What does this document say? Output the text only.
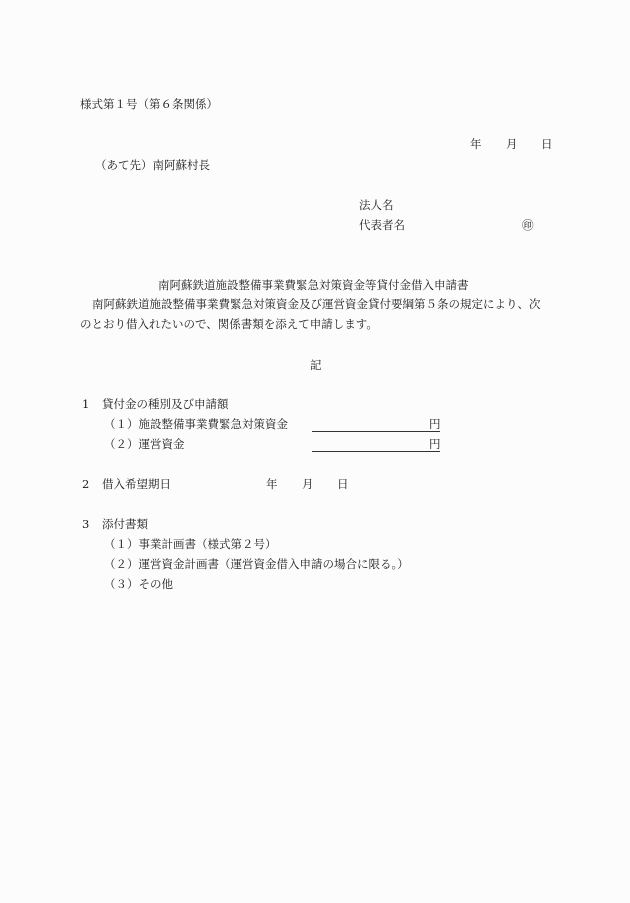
様式第１号（第６条関係）
年 月 日
（あて先）南阿蘇村長
法人名
代表者名	㊞
南阿蘇鉄道施設整備事業費緊急対策資金等貸付金借入申請書
南阿蘇鉄道施設整備事業費緊急対策資金及び運営資金貸付要綱第５条の規定により、次
のとおり借入れたいので、関係書類を添えて申請します。
記
1 貸付金の種別及び申請額
（１）施設整備事業費緊急対策資金	円
（２）運営資金	円
2 借入希望期日	年 月 日
3 添付書類
（１）事業計画書（様式第２号）
（２）運営資金計画書（運営資金借入申請の場合に限る。）
（３）その他
